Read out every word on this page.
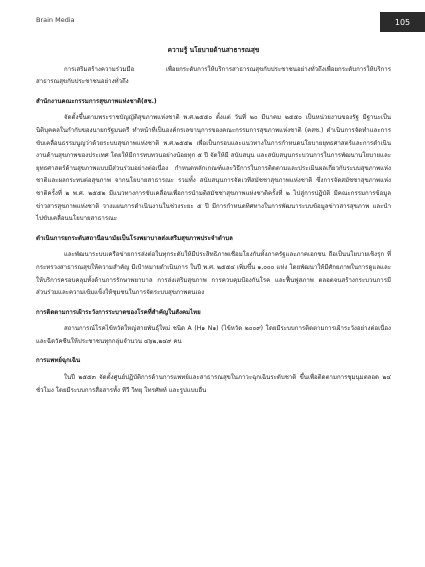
Brain Media	105
ความรู้ นโยบายด้านสาธารณสุข

การเสริมสร้างความร่วมมือ เพื่อยกระดับการให้บริการสาธารณสุขกับประชาชนอย่างทั่วถึงเพื่อยกระดับการให้บริการสาธารณสุขกับประชาชนอย่างทั่วถึง

สำนักงานคณะกรรมการสุขภาพแห่งชาติ(สช.)

จัดตั้งขึ้นตามพระราชบัญญัติสุขภาพแห่งชาติ พ.ศ.๒๕๕๐ ตั้งแต่ วันที่ ๒๐ มีนาคม ๒๕๕๐ เป็นหน่วยงานของรัฐ มีฐานะเป็นนิติบุคคลในกำกับของนายกรัฐมนตรี ทำหน้าที่เป็นองค์กรเลขานุการของคณะกรรมการสุขภาพแห่งชาติ (คสช.) ดำเนินการจัดทำและการขับเคลื่อนธรรมนูญว่าด้วยระบบสุขภาพแห่งชาติ พ.ศ.๒๕๕๒ เพื่อเป็นกรอบและแนวทางในการกำหนดนโยบายยุทธศาสตร์และการดำเนินงานด้านสุขภาพของประเทศ โดยให้มีการทบทวนอย่างน้อยทุก ๕ ปี จัดให้มี สนับสนุน และสนับสนุนกระบวนการในการพัฒนานโยบายและยุทธศาสตร์ด้านสุขภาพแบบมีส่วนร่วมอย่างต่อเนื่อง กำหนดหลักเกณฑ์และวิธีการในการติดตามและประเมินผลเกี่ยวกับระบบสุขภาพแห่งชาติและผลกระทบต่อสุขภาพ จากนโยบายสาธารณะ รวมทั้ง สนับสนุนการจัดเวทีสมัชชาสุขภาพแห่งชาติ ซึ่งการจัดสมัชชาสุขภาพแห่งชาติครั้งที่ ๒ พ.ศ. ๒๕๕๒ มีแนวทางการขับเคลื่อนเพื่อการนำมติสมัชชาสุขภาพแห่งชาติครั้งที่ ๒ ไปสู่การปฏิบัติ มีคณะกรรมการข้อมูลข่าวสารสุขภาพแห่งชาติ วางแผนการดำเนินงานในช่วงระยะ ๕ ปี มีการกำหนดทิศทางในการพัฒนาระบบข้อมูลข่าวสารสุขภาพ และนำไปขับเคลื่อนนโยบายสาธารณะ

ดำเนินการยกระดับสถานีอนามัยเป็นโรงพยาบาลส่งเสริมสุขภาพประจำตำบล

และพัฒนาระบบเครือข่ายการส่งต่อในทุกระดับให้มีประสิทธิภาพเชื่อมโยงกันทั้งภาครัฐและภาคเอกชน ถือเป็นนโยบายเชิงรุก ที่กระทรวงสาธารณสุขให้ความสำคัญ มีเป้าหมายดำเนินการ ในปี พ.ศ. ๒๕๕๔ เพิ่มขึ้น ๑,๐๐๐ แห่ง โดยพัฒนาให้มีศักยภาพในการดูแลและให้บริการครอบคลุมทั้งด้านการรักษาพยาบาล การส่งเสริมสุขภาพ การควบคุมป้องกันโรค และฟื้นฟูสภาพ ตลอดจนสร้างกระบวนการมีส่วนร่วมและความเข้มแข็งให้ชุมชนในการจัดระบบสุขภาพตนเอง

การติดตามการเฝ้าระวังการระบาดของโรคที่สำคัญในสังคมไทย

สถานการณ์โรคไข้หวัดใหญ่สายพันธุ์ใหม่ ชนิด A (H๑ N๑) (ไข้หวัด ๒๐๐๙) โดยมีระบบการติดตามการเฝ้าระวังอย่างต่อเนื่อง และฉีดวัคซีนให้ประชาชนทุกกลุ่มจำนวน ๔๖๒,๒๔๙ คน

การแพทย์ฉุกเฉิน

ในปี ๒๕๕๓ จัดตั้งศูนย์ปฏิบัติการด้านการแพทย์และสาธารณสุขในภาวะฉุกเฉินระดับชาติ ขึ้นเพื่อติดตามการชุมนุมตลอด ๒๔ ชั่วโมง โดยมีระบบการสื่อสารทั้ง ทีวี วิทยุ โทรศัพท์ และรูปแบบอื่น
